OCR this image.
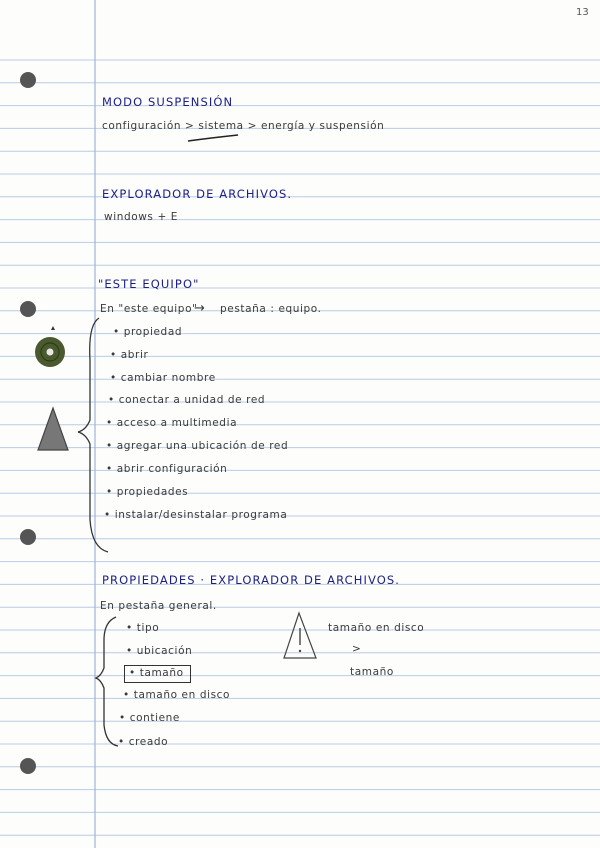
13
MODO SUSPENSIÓN
configuración > sistema > energía y suspensión
EXPLORADOR DE ARCHIVOS.
windows + E
"ESTE EQUIPO"
En "este equipo"
→ pestaña : equipo.
• propiedad
• abrir
• cambiar nombre
• conectar a unidad de red
• acceso a multimedia
• agregar una ubicación de red
• abrir configuración
• propiedades
• instalar/desinstalar programa
PROPIEDADES · EXPLORADOR DE ARCHIVOS.
En pestaña general.
• tipo
• ubicación
• tamaño
• tamaño en disco
• contiene
• creado
tamaño en disco
>
tamaño
